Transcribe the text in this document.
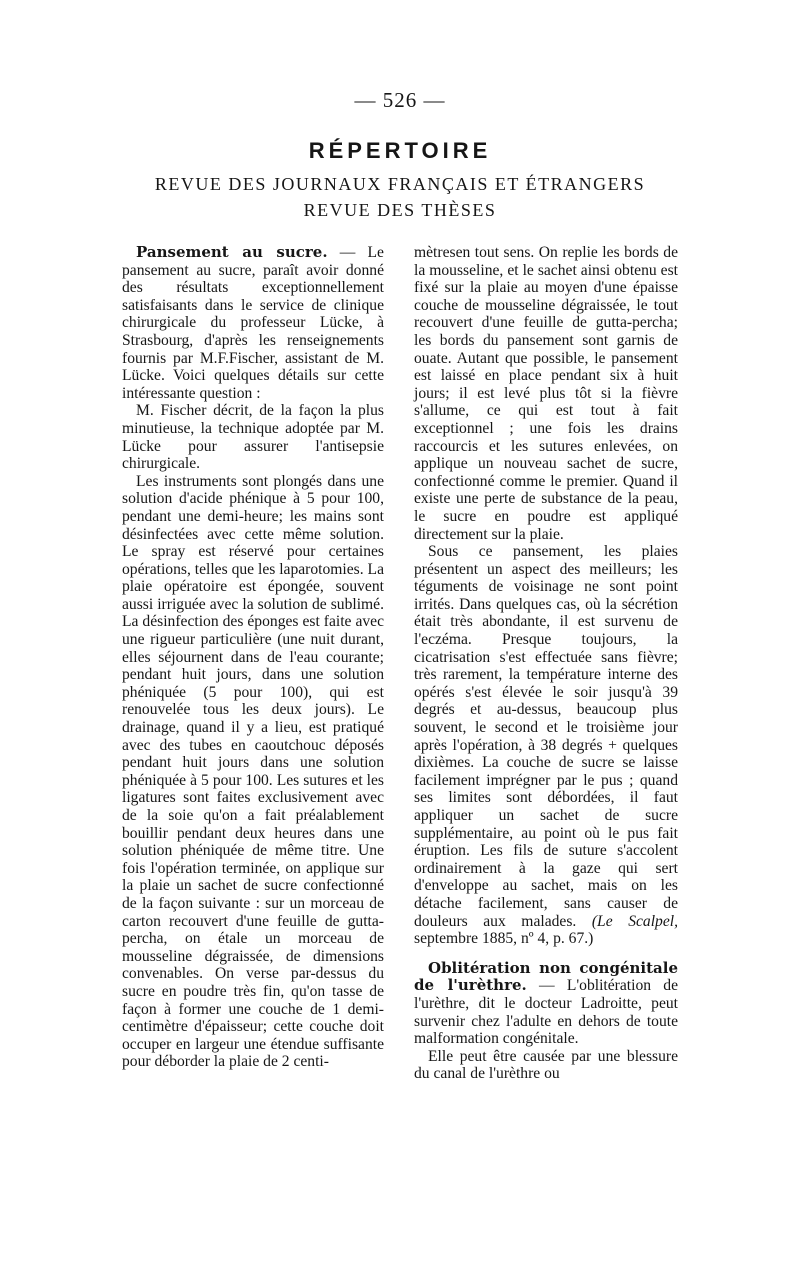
— 526 —
RÉPERTOIRE
REVUE DES JOURNAUX FRANÇAIS ET ÉTRANGERS
REVUE DES THÈSES

Pansement au sucre. — Le pansement au sucre, paraît avoir donné des résultats exceptionnellement satisfaisants dans le service de clinique chirurgicale du professeur Lücke, à Strasbourg, d'après les renseignements fournis par M.F.Fischer, assistant de M. Lücke. Voici quelques détails sur cette intéressante question :

M. Fischer décrit, de la façon la plus minutieuse, la technique adoptée par M. Lücke pour assurer l'antisepsie chirurgicale.

Les instruments sont plongés dans une solution d'acide phénique à 5 pour 100, pendant une demi-heure; les mains sont désinfectées avec cette même solution. Le spray est réservé pour certaines opérations, telles que les laparotomies. La plaie opératoire est épongée, souvent aussi irriguée avec la solution de sublimé. La désinfection des éponges est faite avec une rigueur particulière (une nuit durant, elles séjournent dans de l'eau courante; pendant huit jours, dans une solution phéniquée (5 pour 100), qui est renouvelée tous les deux jours). Le drainage, quand il y a lieu, est pratiqué avec des tubes en caoutchouc déposés pendant huit jours dans une solution phéniquée à 5 pour 100. Les sutures et les ligatures sont faites exclusivement avec de la soie qu'on a fait préalablement bouillir pendant deux heures dans une solution phéniquée de même titre. Une fois l'opération terminée, on applique sur la plaie un sachet de sucre confectionné de la façon suivante : sur un morceau de carton recouvert d'une feuille de gutta-percha, on étale un morceau de mousseline dégraissée, de dimensions convenables. On verse par-dessus du sucre en poudre très fin, qu'on tasse de façon à former une couche de 1 demi-centimètre d'épaisseur; cette couche doit occuper en largeur une étendue suffisante pour déborder la plaie de 2 centi-

mètresen tout sens. On replie les bords de la mousseline, et le sachet ainsi obtenu est fixé sur la plaie au moyen d'une épaisse couche de mousseline dégraissée, le tout recouvert d'une feuille de gutta-percha; les bords du pansement sont garnis de ouate. Autant que possible, le pansement est laissé en place pendant six à huit jours; il est levé plus tôt si la fièvre s'allume, ce qui est tout à fait exceptionnel ; une fois les drains raccourcis et les sutures enlevées, on applique un nouveau sachet de sucre, confectionné comme le premier. Quand il existe une perte de substance de la peau, le sucre en poudre est appliqué directement sur la plaie.

Sous ce pansement, les plaies présentent un aspect des meilleurs; les téguments de voisinage ne sont point irrités. Dans quelques cas, où la sécrétion était très abondante, il est survenu de l'eczéma. Presque toujours, la cicatrisation s'est effectuée sans fièvre; très rarement, la température interne des opérés s'est élevée le soir jusqu'à 39 degrés et au-dessus, beaucoup plus souvent, le second et le troisième jour après l'opération, à 38 degrés + quelques dixièmes. La couche de sucre se laisse facilement imprégner par le pus ; quand ses limites sont débordées, il faut appliquer un sachet de sucre supplémentaire, au point où le pus fait éruption. Les fils de suture s'accolent ordinairement à la gaze qui sert d'enveloppe au sachet, mais on les détache facilement, sans causer de douleurs aux malades. (Le Scalpel, septembre 1885, nº 4, p. 67.)

Oblitération non congénitale de l'urèthre. — L'oblitération de l'urèthre, dit le docteur Ladroitte, peut survenir chez l'adulte en dehors de toute malformation congénitale.

Elle peut être causée par une blessure du canal de l'urèthre ou
